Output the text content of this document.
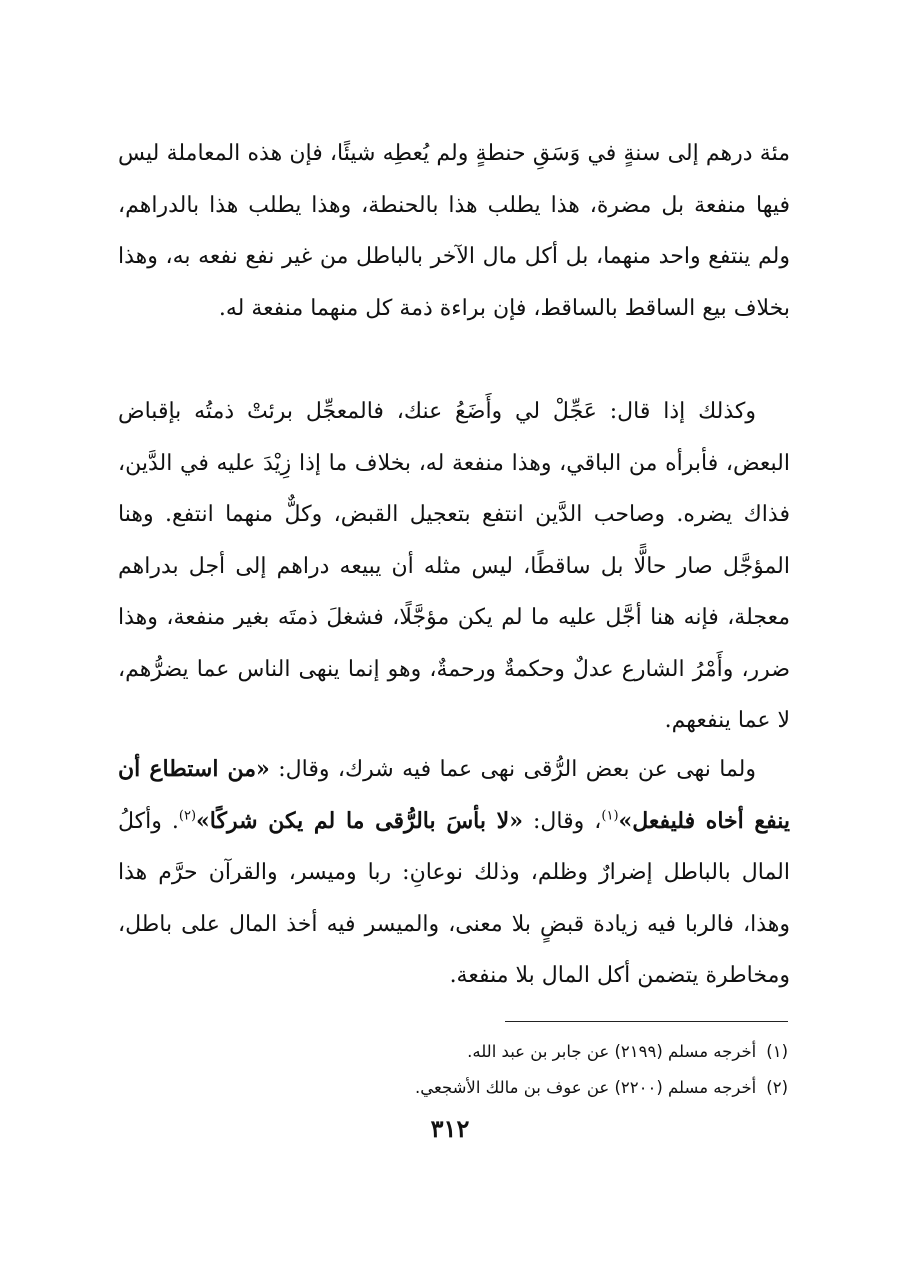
مئة درهم إلى سنةٍ في وَسَقِ حنطةٍ ولم يُعطِه شيئًا، فإن هذه المعاملة ليس فيها منفعة بل مضرة، هذا يطلب هذا بالحنطة، وهذا يطلب هذا بالدراهم، ولم ينتفع واحد منهما، بل أكل مال الآخر بالباطل من غير نفع نفعه به، وهذا بخلاف بيع الساقط بالساقط، فإن براءة ذمة كل منهما منفعة له.

وكذلك إذا قال: عَجِّلْ لي وأَضَعُ عنك، فالمعجِّل برئتْ ذمتُه بإقباض البعض، فأبرأه من الباقي، وهذا منفعة له، بخلاف ما إذا زِيْدَ عليه في الدَّين، فذاك يضره. وصاحب الدَّين انتفع بتعجيل القبض، وكلٌّ منهما انتفع. وهنا المؤجَّل صار حالًّا بل ساقطًا، ليس مثله أن يبيعه دراهم إلى أجل بدراهم معجلة، فإنه هنا أجَّل عليه ما لم يكن مؤجَّلًا، فشغلَ ذمتَه بغير منفعة، وهذا ضرر، وأَمْرُ الشارع عدلٌ وحكمةٌ ورحمةٌ، وهو إنما ينهى الناس عما يضرُّهم، لا عما ينفعهم.

ولما نهى عن بعض الرُّقى نهى عما فيه شرك، وقال: «من استطاع أن ينفع أخاه فليفعل»$^{(١)}$، وقال: «لا بأسَ بالرُّقى ما لم يكن شركًا»$^{(٢)}$. وأكلُ المال بالباطل إضرارٌ وظلم، وذلك نوعانِ: ربا وميسر، والقرآن حرَّم هذا وهذا، فالربا فيه زيادة قبضٍ بلا معنى، والميسر فيه أخذ المال على باطل، ومخاطرة يتضمن أكل المال بلا منفعة.

(١)أخرجه مسلم (٢١٩٩) عن جابر بن عبد الله.
(٢)أخرجه مسلم (٢٢٠٠) عن عوف بن مالك الأشجعي.
٣١٢
